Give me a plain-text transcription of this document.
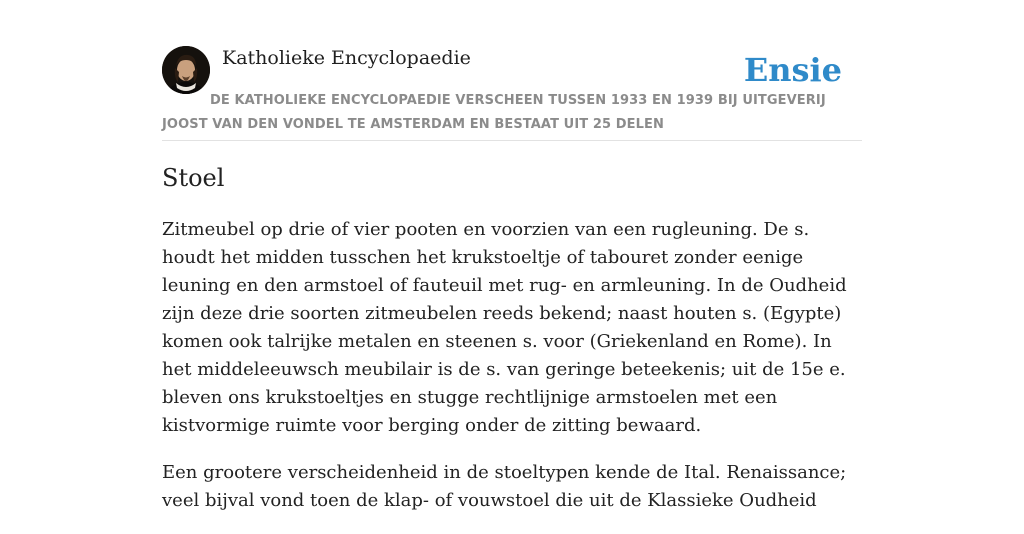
Katholieke Encyclopaedie	Ensie
DE KATHOLIEKE ENCYCLOPAEDIE VERSCHEEN TUSSEN 1933 EN 1939 BIJ UITGEVERIJ JOOST VAN DEN VONDEL TE AMSTERDAM EN BESTAAT UIT 25 DELEN
Stoel

Zitmeubel op drie of vier pooten en voorzien van een rugleuning. De s. houdt het midden tusschen het krukstoeltje of tabouret zonder eenige leuning en den armstoel of fauteuil met rug- en armleuning. In de Oudheid zijn deze drie soorten zitmeubelen reeds bekend; naast houten s. (Egypte) komen ook talrijke metalen en steenen s. voor (Griekenland en Rome). In het middeleeuwsch meubilair is de s. van geringe beteekenis; uit de 15e e. bleven ons krukstoeltjes en stugge rechtlijnige armstoelen met een kistvormige ruimte voor berging onder de zitting bewaard.

Een grootere verscheidenheid in de stoeltypen kende de Ital. Renaissance; veel bijval vond toen de klap- of vouwstoel die uit de Klassieke Oudheid
